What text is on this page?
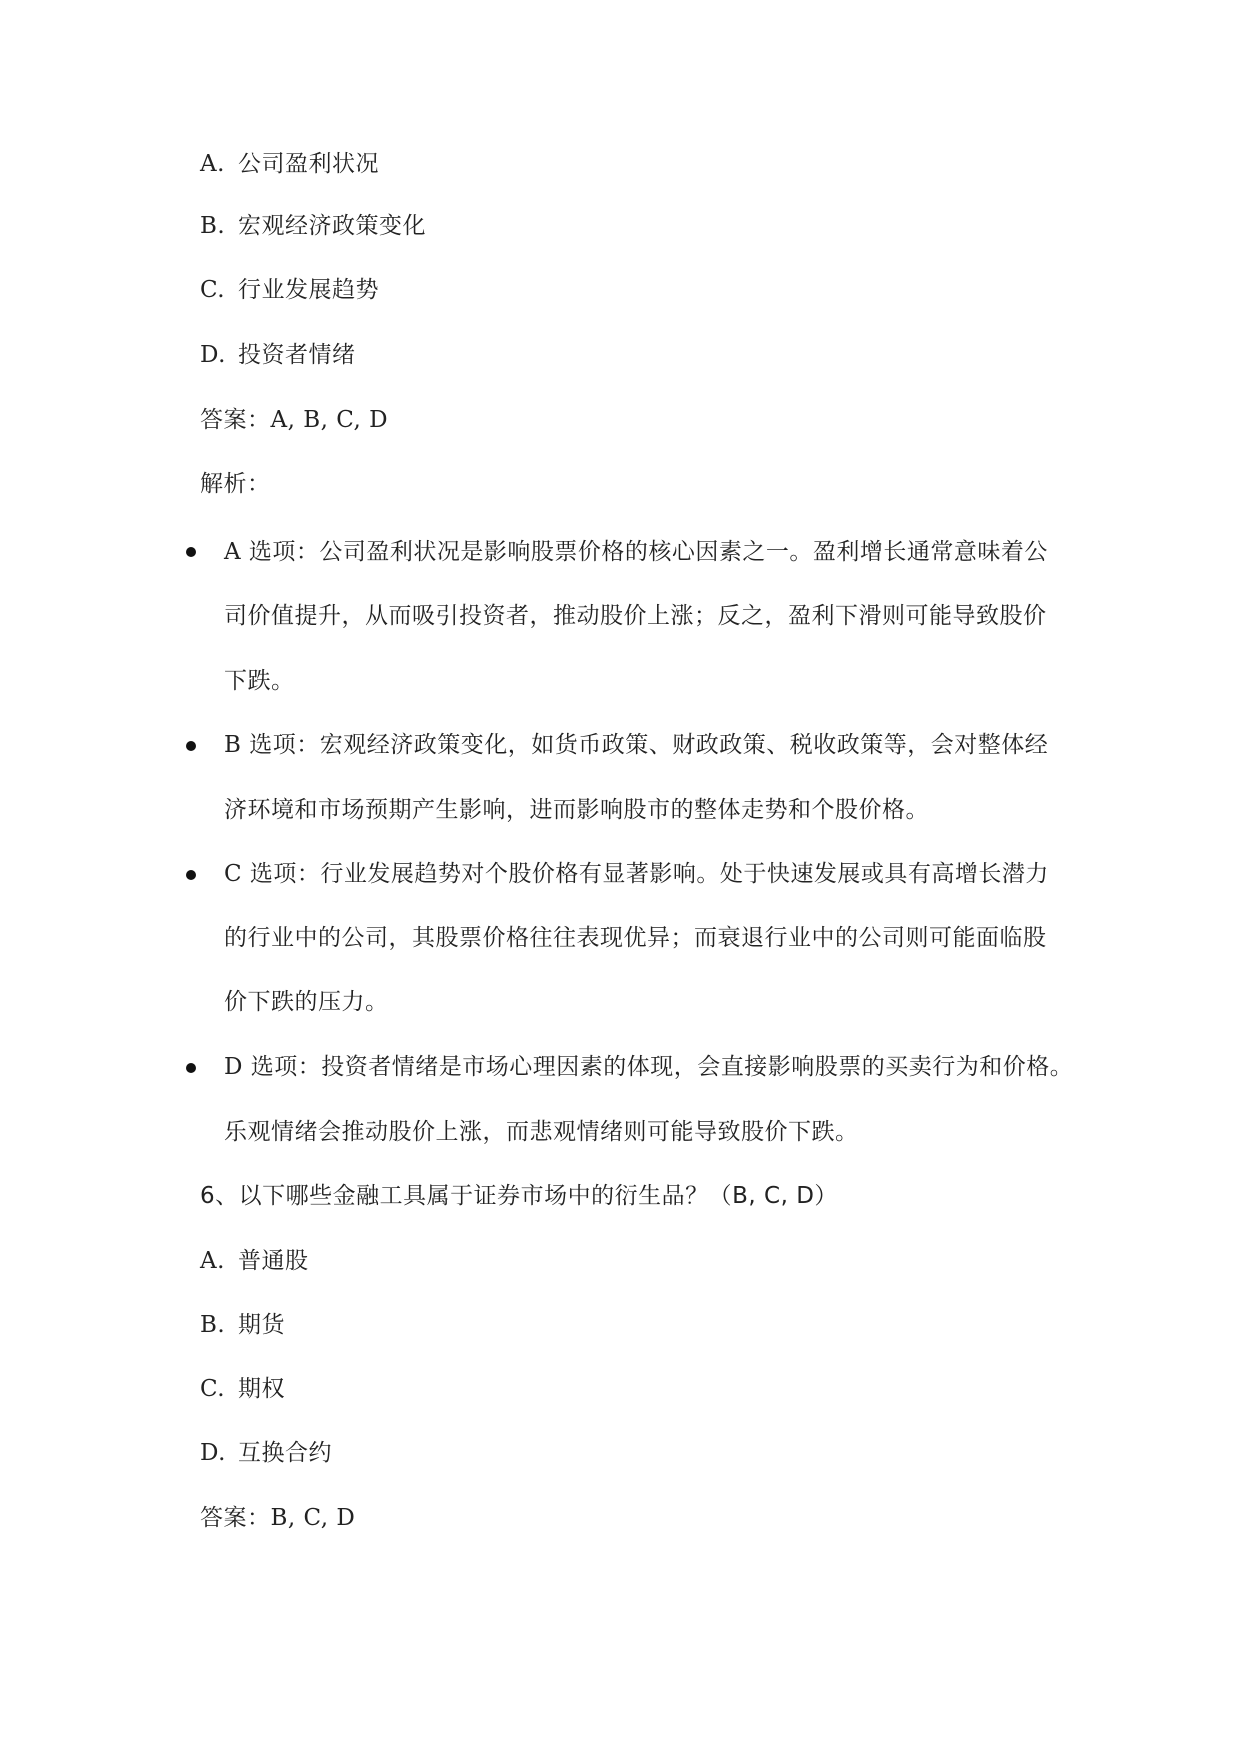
A. 公司盈利状况
B. 宏观经济政策变化
C. 行业发展趋势
D. 投资者情绪
答案：A, B, C, D
解析：
A 选项：公司盈利状况是影响股票价格的核心因素之一。盈利增长通常意味着公
司价值提升，从而吸引投资者，推动股价上涨；反之，盈利下滑则可能导致股价
下跌。
B 选项：宏观经济政策变化，如货币政策、财政政策、税收政策等，会对整体经
济环境和市场预期产生影响，进而影响股市的整体走势和个股价格。
C 选项：行业发展趋势对个股价格有显著影响。处于快速发展或具有高增长潜力
的行业中的公司，其股票价格往往表现优异；而衰退行业中的公司则可能面临股
价下跌的压力。
D 选项：投资者情绪是市场心理因素的体现，会直接影响股票的买卖行为和价格。
乐观情绪会推动股价上涨，而悲观情绪则可能导致股价下跌。
6、以下哪些金融工具属于证券市场中的衍生品？（B, C, D）
A. 普通股
B. 期货
C. 期权
D. 互换合约
答案：B, C, D
